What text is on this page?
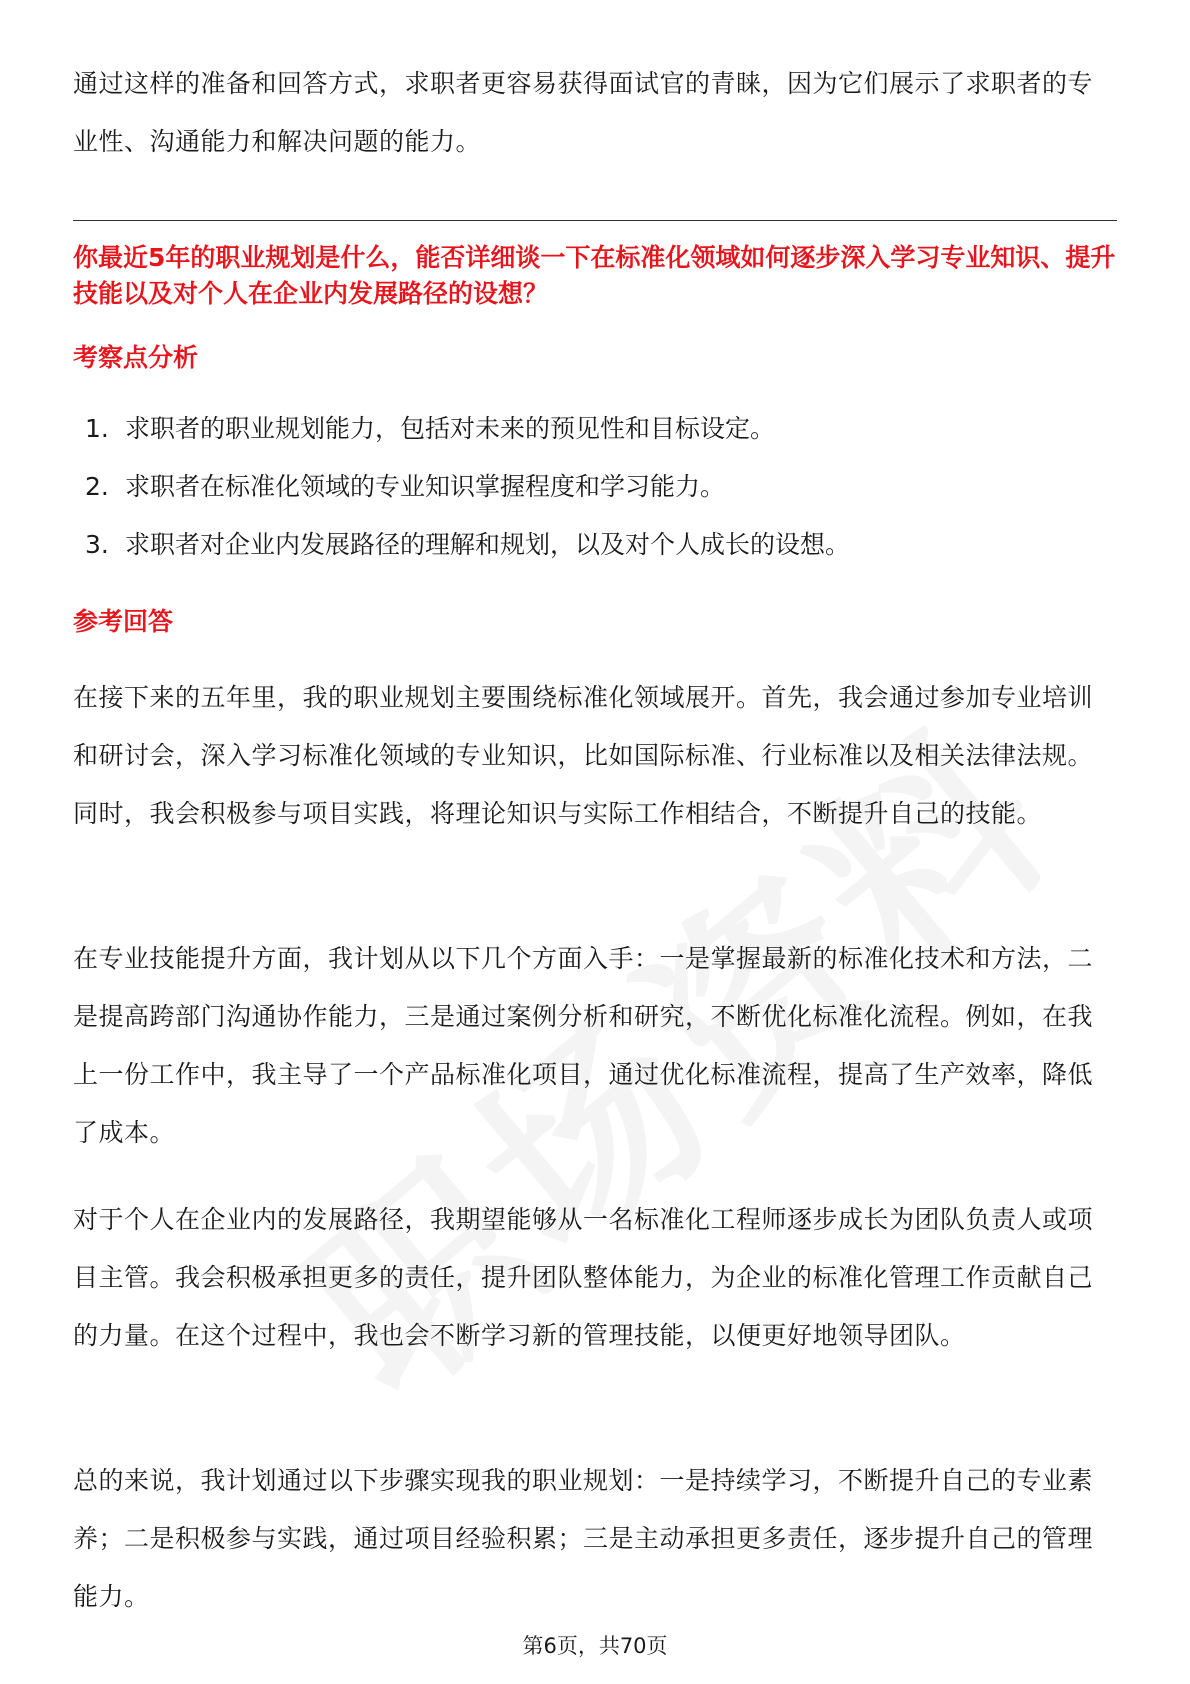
通过这样的准备和回答方式，求职者更容易获得面试官的青睐，因为它们展示了求职者的专业性、沟通能力和解决问题的能力。

你最近5年的职业规划是什么，能否详细谈一下在标准化领域如何逐步深入学习专业知识、提升技能以及对个人在企业内发展路径的设想？

考察点分析

1. 求职者的职业规划能力，包括对未来的预见性和目标设定。
2. 求职者在标准化领域的专业知识掌握程度和学习能力。
3. 求职者对企业内发展路径的理解和规划，以及对个人成长的设想。

参考回答

在接下来的五年里，我的职业规划主要围绕标准化领域展开。首先，我会通过参加专业培训和研讨会，深入学习标准化领域的专业知识，比如国际标准、行业标准以及相关法律法规。同时，我会积极参与项目实践，将理论知识与实际工作相结合，不断提升自己的技能。

在专业技能提升方面，我计划从以下几个方面入手：一是掌握最新的标准化技术和方法，二是提高跨部门沟通协作能力，三是通过案例分析和研究，不断优化标准化流程。例如，在我上一份工作中，我主导了一个产品标准化项目，通过优化标准流程，提高了生产效率，降低了成本。

对于个人在企业内的发展路径，我期望能够从一名标准化工程师逐步成长为团队负责人或项目主管。我会积极承担更多的责任，提升团队整体能力，为企业的标准化管理工作贡献自己的力量。在这个过程中，我也会不断学习新的管理技能，以便更好地领导团队。

总的来说，我计划通过以下步骤实现我的职业规划：一是持续学习，不断提升自己的专业素养；二是积极参与实践，通过项目经验积累；三是主动承担更多责任，逐步提升自己的管理能力。

第6页，共70页
